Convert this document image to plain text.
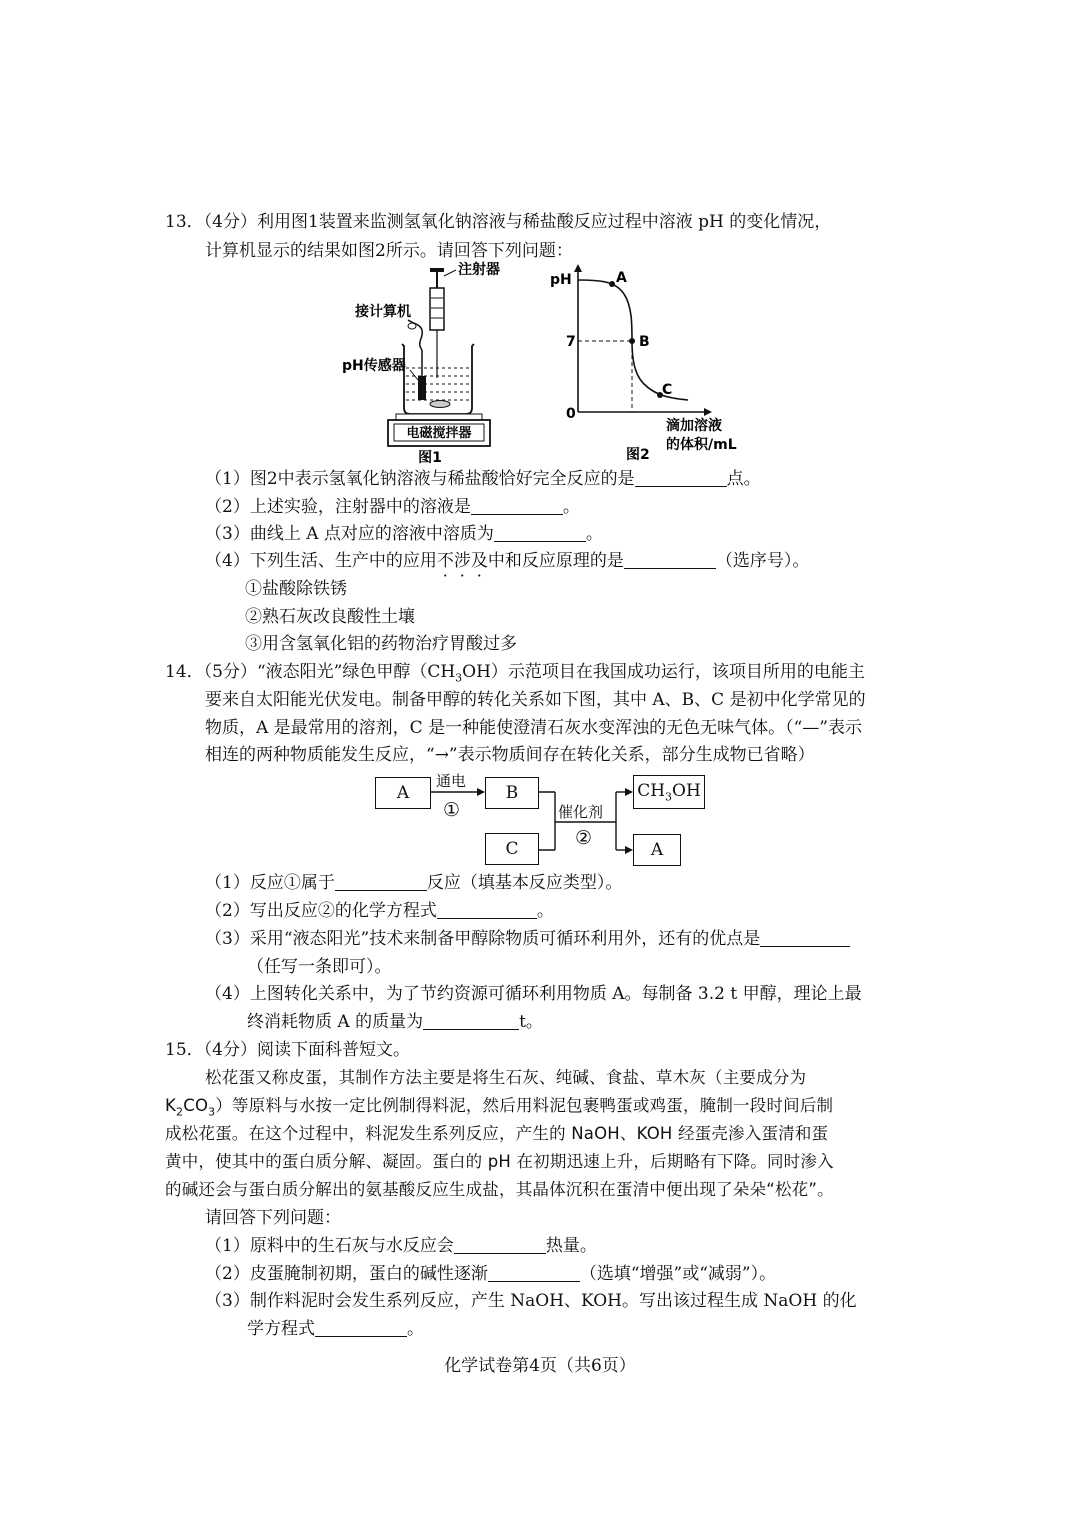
13．（4分）利用图1装置来监测氢氧化钠溶液与稀盐酸反应过程中溶液 pH 的变化情况，
计算机显示的结果如图2所示。请回答下列问题：
注射器
接计算机
pH传感器
电磁搅拌器
图1
pH
7
0
A
B
C
滴加溶液
的体积/mL
图2
（1）图2中表示氢氧化钠溶液与稀盐酸恰好完全反应的是	点。
（2）上述实验，注射器中的溶液是	。
（3）曲线上 A 点对应的溶液中溶质为	。
（4）下列生活、生产中的应用不涉及中和反应原理的是	（选序号）。
①盐酸除铁锈
②熟石灰改良酸性土壤
③用含氢氧化铝的药物治疗胃酸过多
14．（5分）“液态阳光”绿色甲醇$(CH_3OH)$示范项目在我国成功运行，该项目所用的电能主
要来自太阳能光伏发电。制备甲醇的转化关系如下图，其中 A、B、C 是初中化学常见的
物质，A 是最常用的溶剂，C 是一种能使澄清石灰水变浑浊的无色无味气体。（“—”表示
相连的两种物质能发生反应，“→”表示物质间存在转化关系，部分生成物已省略）
A	B
C
$CH_3OH$
A
通电
①	催化剂
②
（1）反应①属于	反应（填基本反应类型）。
（2）写出反应②的化学方程式	。
（3）采用“液态阳光”技术来制备甲醇除物质可循环利用外，还有的优点是
（任写一条即可）。
（4）上图转化关系中，为了节约资源可循环利用物质 A。每制备 3.2 t 甲醇，理论上最
终消耗物质 A 的质量为	t。
15．（4分）阅读下面科普短文。
松花蛋又称皮蛋，其制作方法主要是将生石灰、纯碱、食盐、草木灰（主要成分为
$K_2CO_3$）等原料与水按一定比例制得料泥，然后用料泥包裹鸭蛋或鸡蛋，腌制一段时间后制
成松花蛋。在这个过程中，料泥发生系列反应，产生的 NaOH、KOH 经蛋壳渗入蛋清和蛋
黄中，使其中的蛋白质分解、凝固。蛋白的 pH 在初期迅速上升，后期略有下降。同时渗入
的碱还会与蛋白质分解出的氨基酸反应生成盐，其晶体沉积在蛋清中便出现了朵朵“松花”。
请回答下列问题：
（1）原料中的生石灰与水反应会	热量。
（2）皮蛋腌制初期，蛋白的碱性逐渐	（选填“增强”或“减弱”）。
（3）制作料泥时会发生系列反应，产生 NaOH、KOH。写出该过程生成 NaOH 的化
学方程式	。
化学试卷第4页（共6页）
